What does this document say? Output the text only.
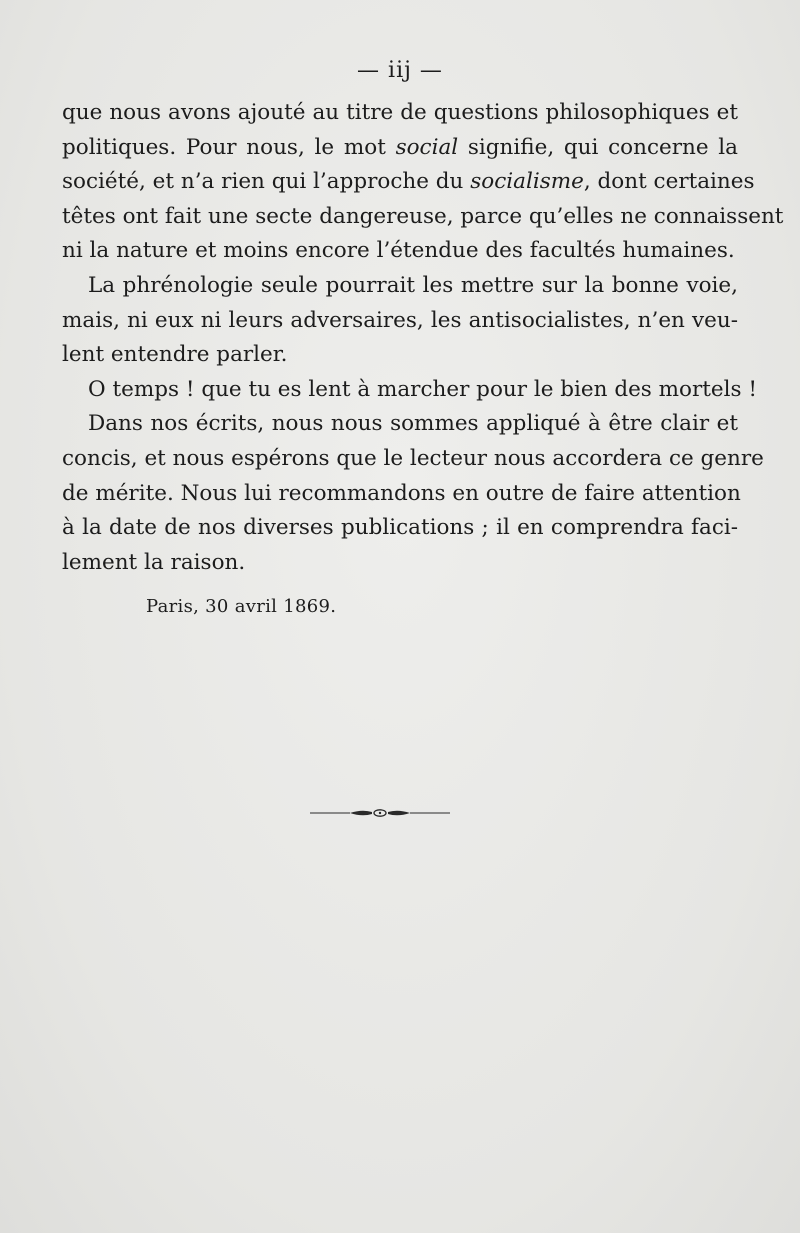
— iij —

que nous avons ajouté au titre de questions philosophiques et
politiques. Pour nous, le mot social signifie, qui concerne la
société, et n’a rien qui l’approche du socialisme, dont certaines
têtes ont fait une secte dangereuse, parce qu’elles ne connaissent
ni la nature et moins encore l’étendue des facultés humaines.

La phrénologie seule pourrait les mettre sur la bonne voie,
mais, ni eux ni leurs adversaires, les antisocialistes, n’en veu-
lent entendre parler.

O temps ! que tu es lent à marcher pour le bien des mortels !

Dans nos écrits, nous nous sommes appliqué à être clair et
concis, et nous espérons que le lecteur nous accordera ce genre
de mérite. Nous lui recommandons en outre de faire attention
à la date de nos diverses publications ; il en comprendra faci-
lement la raison.

Paris, 30 avril 1869.
